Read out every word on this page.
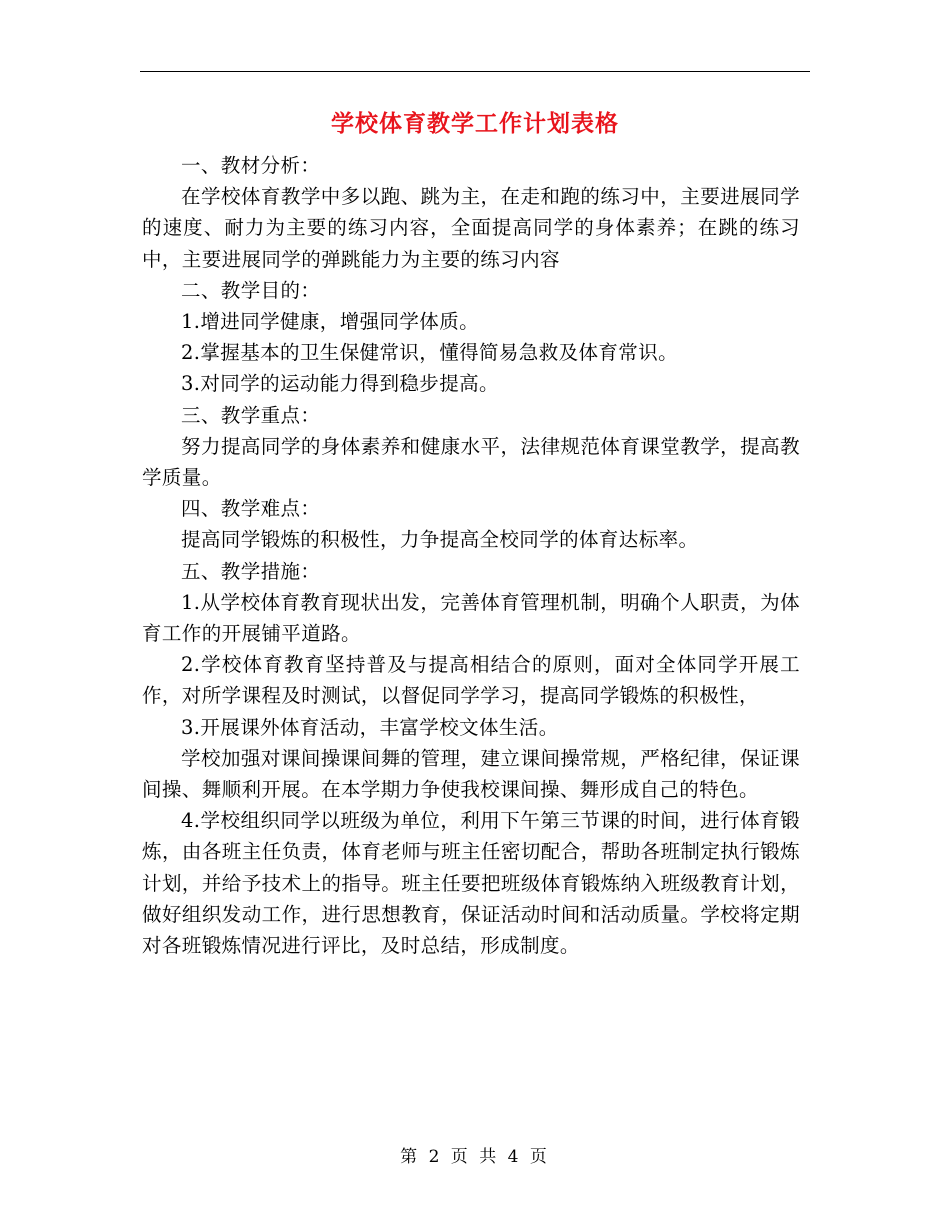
学校体育教学工作计划表格

一、教材分析：

在学校体育教学中多以跑、跳为主，在走和跑的练习中，主要进展同学的速度、耐力为主要的练习内容，全面提高同学的身体素养；在跳的练习中，主要进展同学的弹跳能力为主要的练习内容

二、教学目的：

1.增进同学健康，增强同学体质。

2.掌握基本的卫生保健常识，懂得简易急救及体育常识。

3.对同学的运动能力得到稳步提高。

三、教学重点：

努力提高同学的身体素养和健康水平，法律规范体育课堂教学，提高教学质量。

四、教学难点：

提高同学锻炼的积极性，力争提高全校同学的体育达标率。

五、教学措施：

1.从学校体育教育现状出发，完善体育管理机制，明确个人职责，为体育工作的开展铺平道路。

2.学校体育教育坚持普及与提高相结合的原则，面对全体同学开展工作，对所学课程及时测试，以督促同学学习，提高同学锻炼的积极性，

3.开展课外体育活动，丰富学校文体生活。

学校加强对课间操课间舞的管理，建立课间操常规，严格纪律，保证课间操、舞顺利开展。在本学期力争使我校课间操、舞形成自己的特色。

4.学校组织同学以班级为单位，利用下午第三节课的时间，进行体育锻炼，由各班主任负责，体育老师与班主任密切配合，帮助各班制定执行锻炼计划，并给予技术上的指导。班主任要把班级体育锻炼纳入班级教育计划，做好组织发动工作，进行思想教育，保证活动时间和活动质量。学校将定期对各班锻炼情况进行评比，及时总结，形成制度。

第 2 页 共 4 页
